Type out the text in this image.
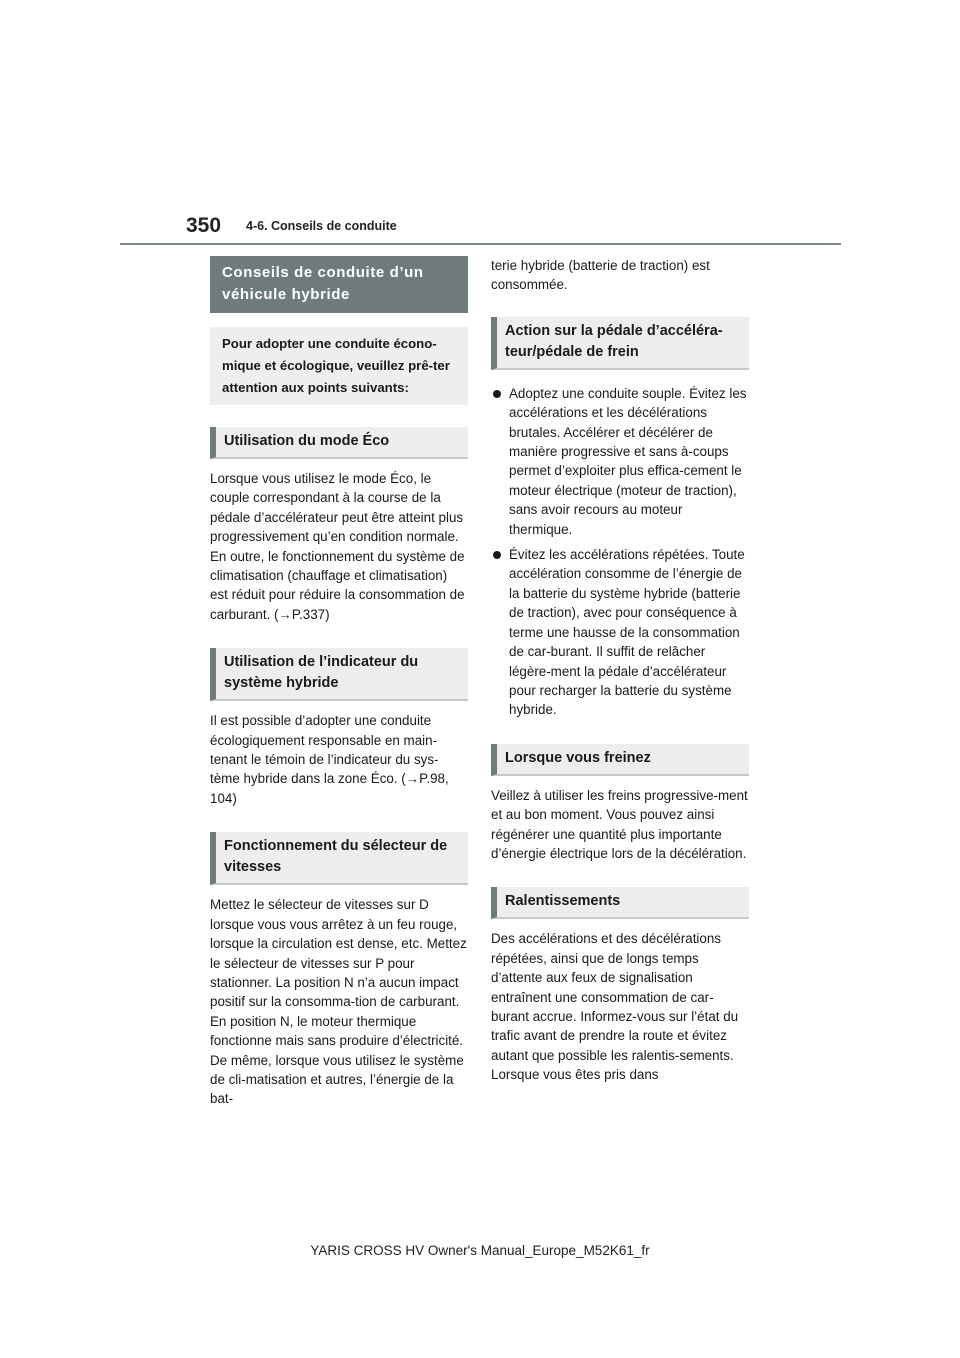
350 4-6. Conseils de conduite
Conseils de conduite d’un véhicule hybride
Pour adopter une conduite écono-mique et écologique, veuillez prê-ter attention aux points suivants:
Utilisation du mode Éco

Lorsque vous utilisez le mode Éco, le couple correspondant à la course de la pédale d’accélérateur peut être atteint plus progressivement qu’en condition normale. En outre, le fonctionnement du système de climatisation (chauffage et climatisation) est réduit pour réduire la consommation de carburant. (→P.337)

Utilisation de l’indicateur du système hybride

Il est possible d’adopter une conduite écologiquement responsable en main-tenant le témoin de l’indicateur du sys-tème hybride dans la zone Éco. (→P.98, 104)

Fonctionnement du sélecteur de vitesses

Mettez le sélecteur de vitesses sur D lorsque vous vous arrêtez à un feu rouge, lorsque la circulation est dense, etc. Mettez le sélecteur de vitesses sur P pour stationner. La position N n’a aucun impact positif sur la consomma-tion de carburant. En position N, le moteur thermique fonctionne mais sans produire d’électricité. De même, lorsque vous utilisez le système de cli-matisation et autres, l’énergie de la bat-

terie hybride (batterie de traction) est consommée.

Action sur la pédale d’accéléra-teur/pédale de frein

Adoptez une conduite souple. Évitez les accélérations et les décélérations brutales. Accélérer et décélérer de manière progressive et sans à-coups permet d’exploiter plus effica-cement le moteur électrique (moteur de traction), sans avoir recours au moteur thermique.

Évitez les accélérations répétées. Toute accélération consomme de l’énergie de la batterie du système hybride (batterie de traction), avec pour conséquence à terme une hausse de la consommation de car-burant. Il suffit de relâcher légère-ment la pédale d’accélérateur pour recharger la batterie du système hybride.

Lorsque vous freinez

Veillez à utiliser les freins progressive-ment et au bon moment. Vous pouvez ainsi régénérer une quantité plus importante d’énergie électrique lors de la décélération.

Ralentissements

Des accélérations et des décélérations répétées, ainsi que de longs temps d’attente aux feux de signalisation entraînent une consommation de car-burant accrue. Informez-vous sur l’état du trafic avant de prendre la route et évitez autant que possible les ralentis-sements. Lorsque vous êtes pris dans

YARIS CROSS HV Owner's Manual_Europe_M52K61_fr
